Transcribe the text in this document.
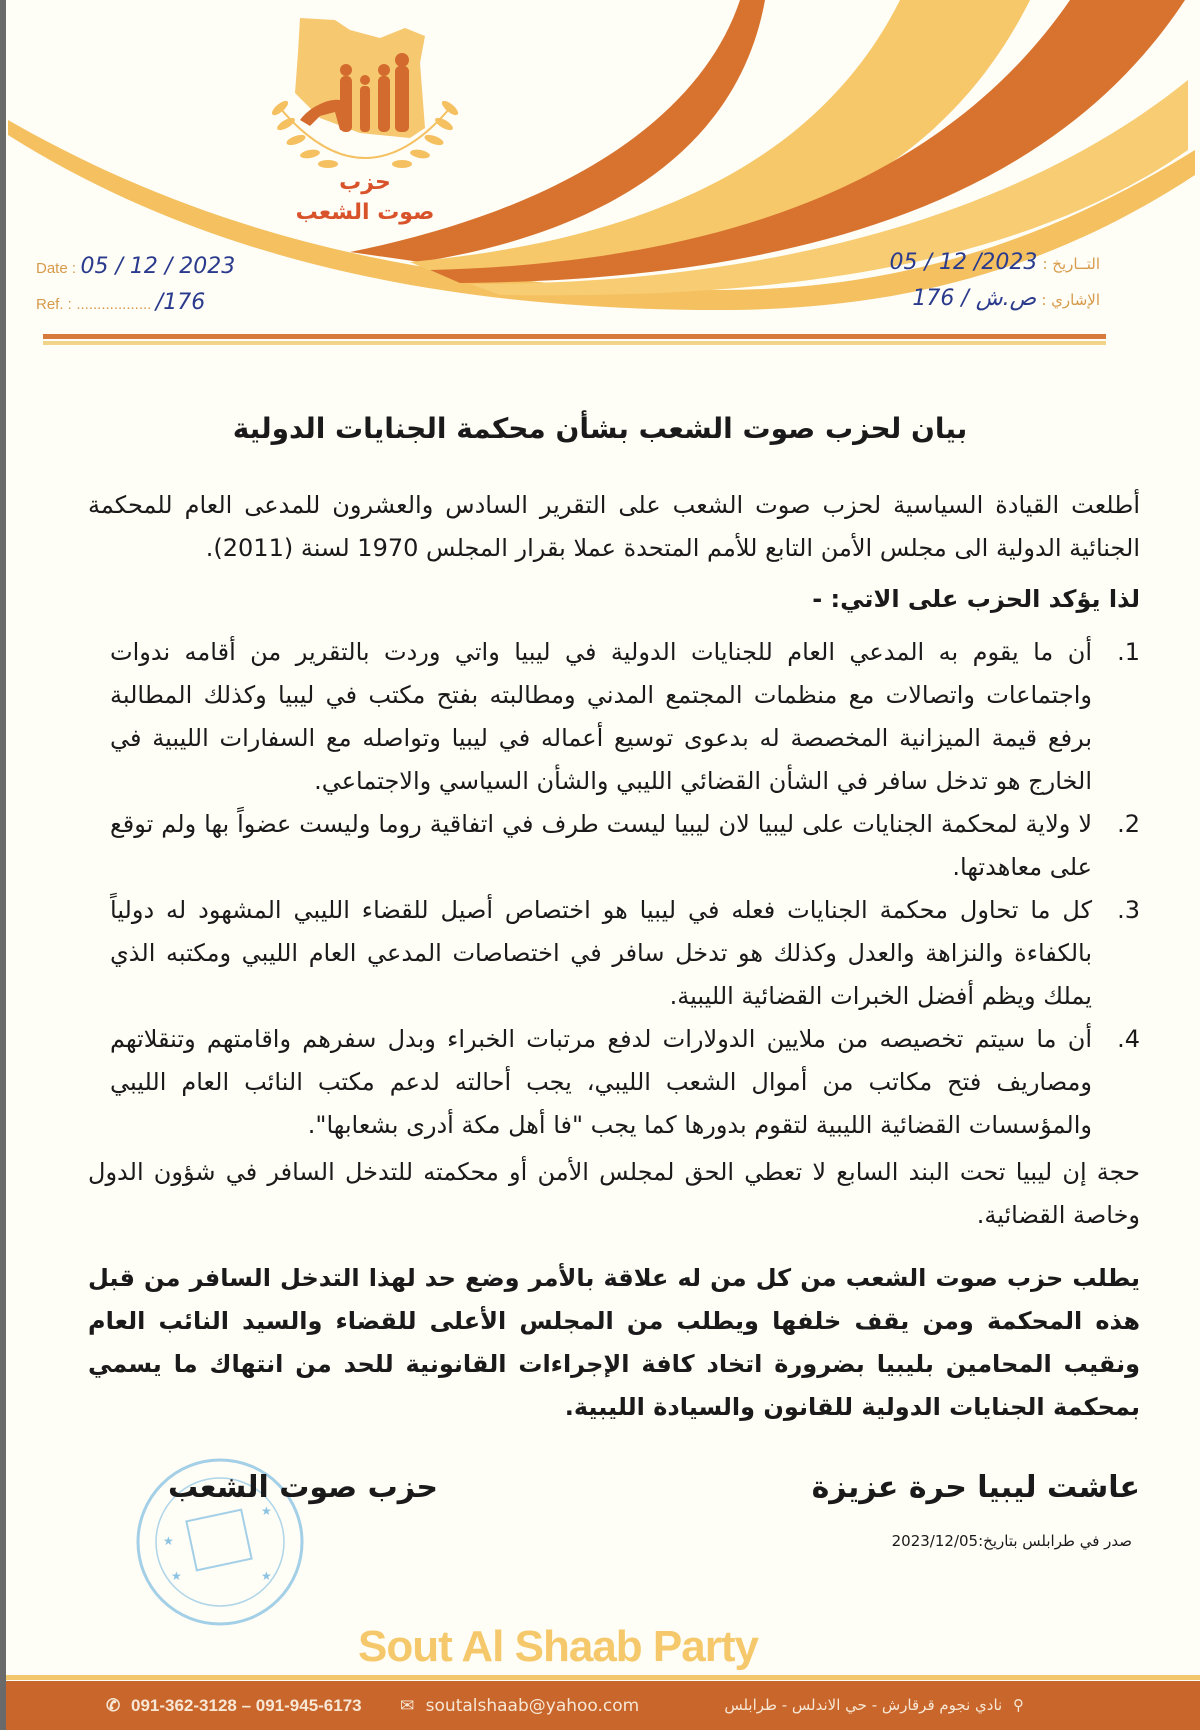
حزب
صوت الشعب
Date : 05 / 12 / 2023
Ref. : .................. /176
التــاريخ : 2023/ 12 / 05
الإشاري : ص.ش / 176
بيان لحزب صوت الشعب بشأن محكمة الجنايات الدولية

أطلعت القيادة السياسية لحزب صوت الشعب على التقرير السادس والعشرون للمدعى العام للمحكمة الجنائية الدولية الى مجلس الأمن التابع للأمم المتحدة عملا بقرار المجلس 1970 لسنة (2011).

لذا يؤكد الحزب على الاتي: -

1.
أن ما يقوم به المدعي العام للجنايات الدولية في ليبيا واتي وردت بالتقرير من أقامه ندوات واجتماعات واتصالات مع منظمات المجتمع المدني ومطالبته بفتح مكتب في ليبيا وكذلك المطالبة برفع قيمة الميزانية المخصصة له بدعوى توسيع أعماله في ليبيا وتواصله مع السفارات الليبية في الخارج هو تدخل سافر في الشأن القضائي الليبي والشأن السياسي والاجتماعي.
2.
لا ولاية لمحكمة الجنايات على ليبيا لان ليبيا ليست طرف في اتفاقية روما وليست عضواً بها ولم توقع على معاهدتها.
3.
كل ما تحاول محكمة الجنايات فعله في ليبيا هو اختصاص أصيل للقضاء الليبي المشهود له دولياً بالكفاءة والنزاهة والعدل وكذلك هو تدخل سافر في اختصاصات المدعي العام الليبي ومكتبه الذي يملك ويظم أفضل الخبرات القضائية الليبية.
4.
أن ما سيتم تخصيصه من ملايين الدولارات لدفع مرتبات الخبراء وبدل سفرهم واقامتهم وتنقلاتهم ومصاريف فتح مكاتب من أموال الشعب الليبي، يجب أحالته لدعم مكتب النائب العام الليبي والمؤسسات القضائية الليبية لتقوم بدورها كما يجب "فا أهل مكة أدرى بشعابها".

حجة إن ليبيا تحت البند السابع لا تعطي الحق لمجلس الأمن أو محكمته للتدخل السافر في شؤون الدول وخاصة القضائية.

يطلب حزب صوت الشعب من كل من له علاقة بالأمر وضع حد لهذا التدخل السافر من قبل هذه المحكمة ومن يقف خلفها ويطلب من المجلس الأعلى للقضاء والسيد النائب العام ونقيب المحامين بليبيا بضرورة اتخاد كافة الإجراءات القانونية للحد من انتهاك ما يسمي بمحكمة الجنايات الدولية للقانون والسيادة الليبية.

★	★
★
★
عاشت ليبيا حرة عزيزة
حزب صوت الشعب
صدر في طرابلس بتاريخ:2023/12/05
Sout Al Shaab Party
✆ 091-362-3128 – 091-945-6173	✉ soutalshaab@yahoo.com	⚲ نادي نجوم قرقارش - حي الاندلس - طرابلس
